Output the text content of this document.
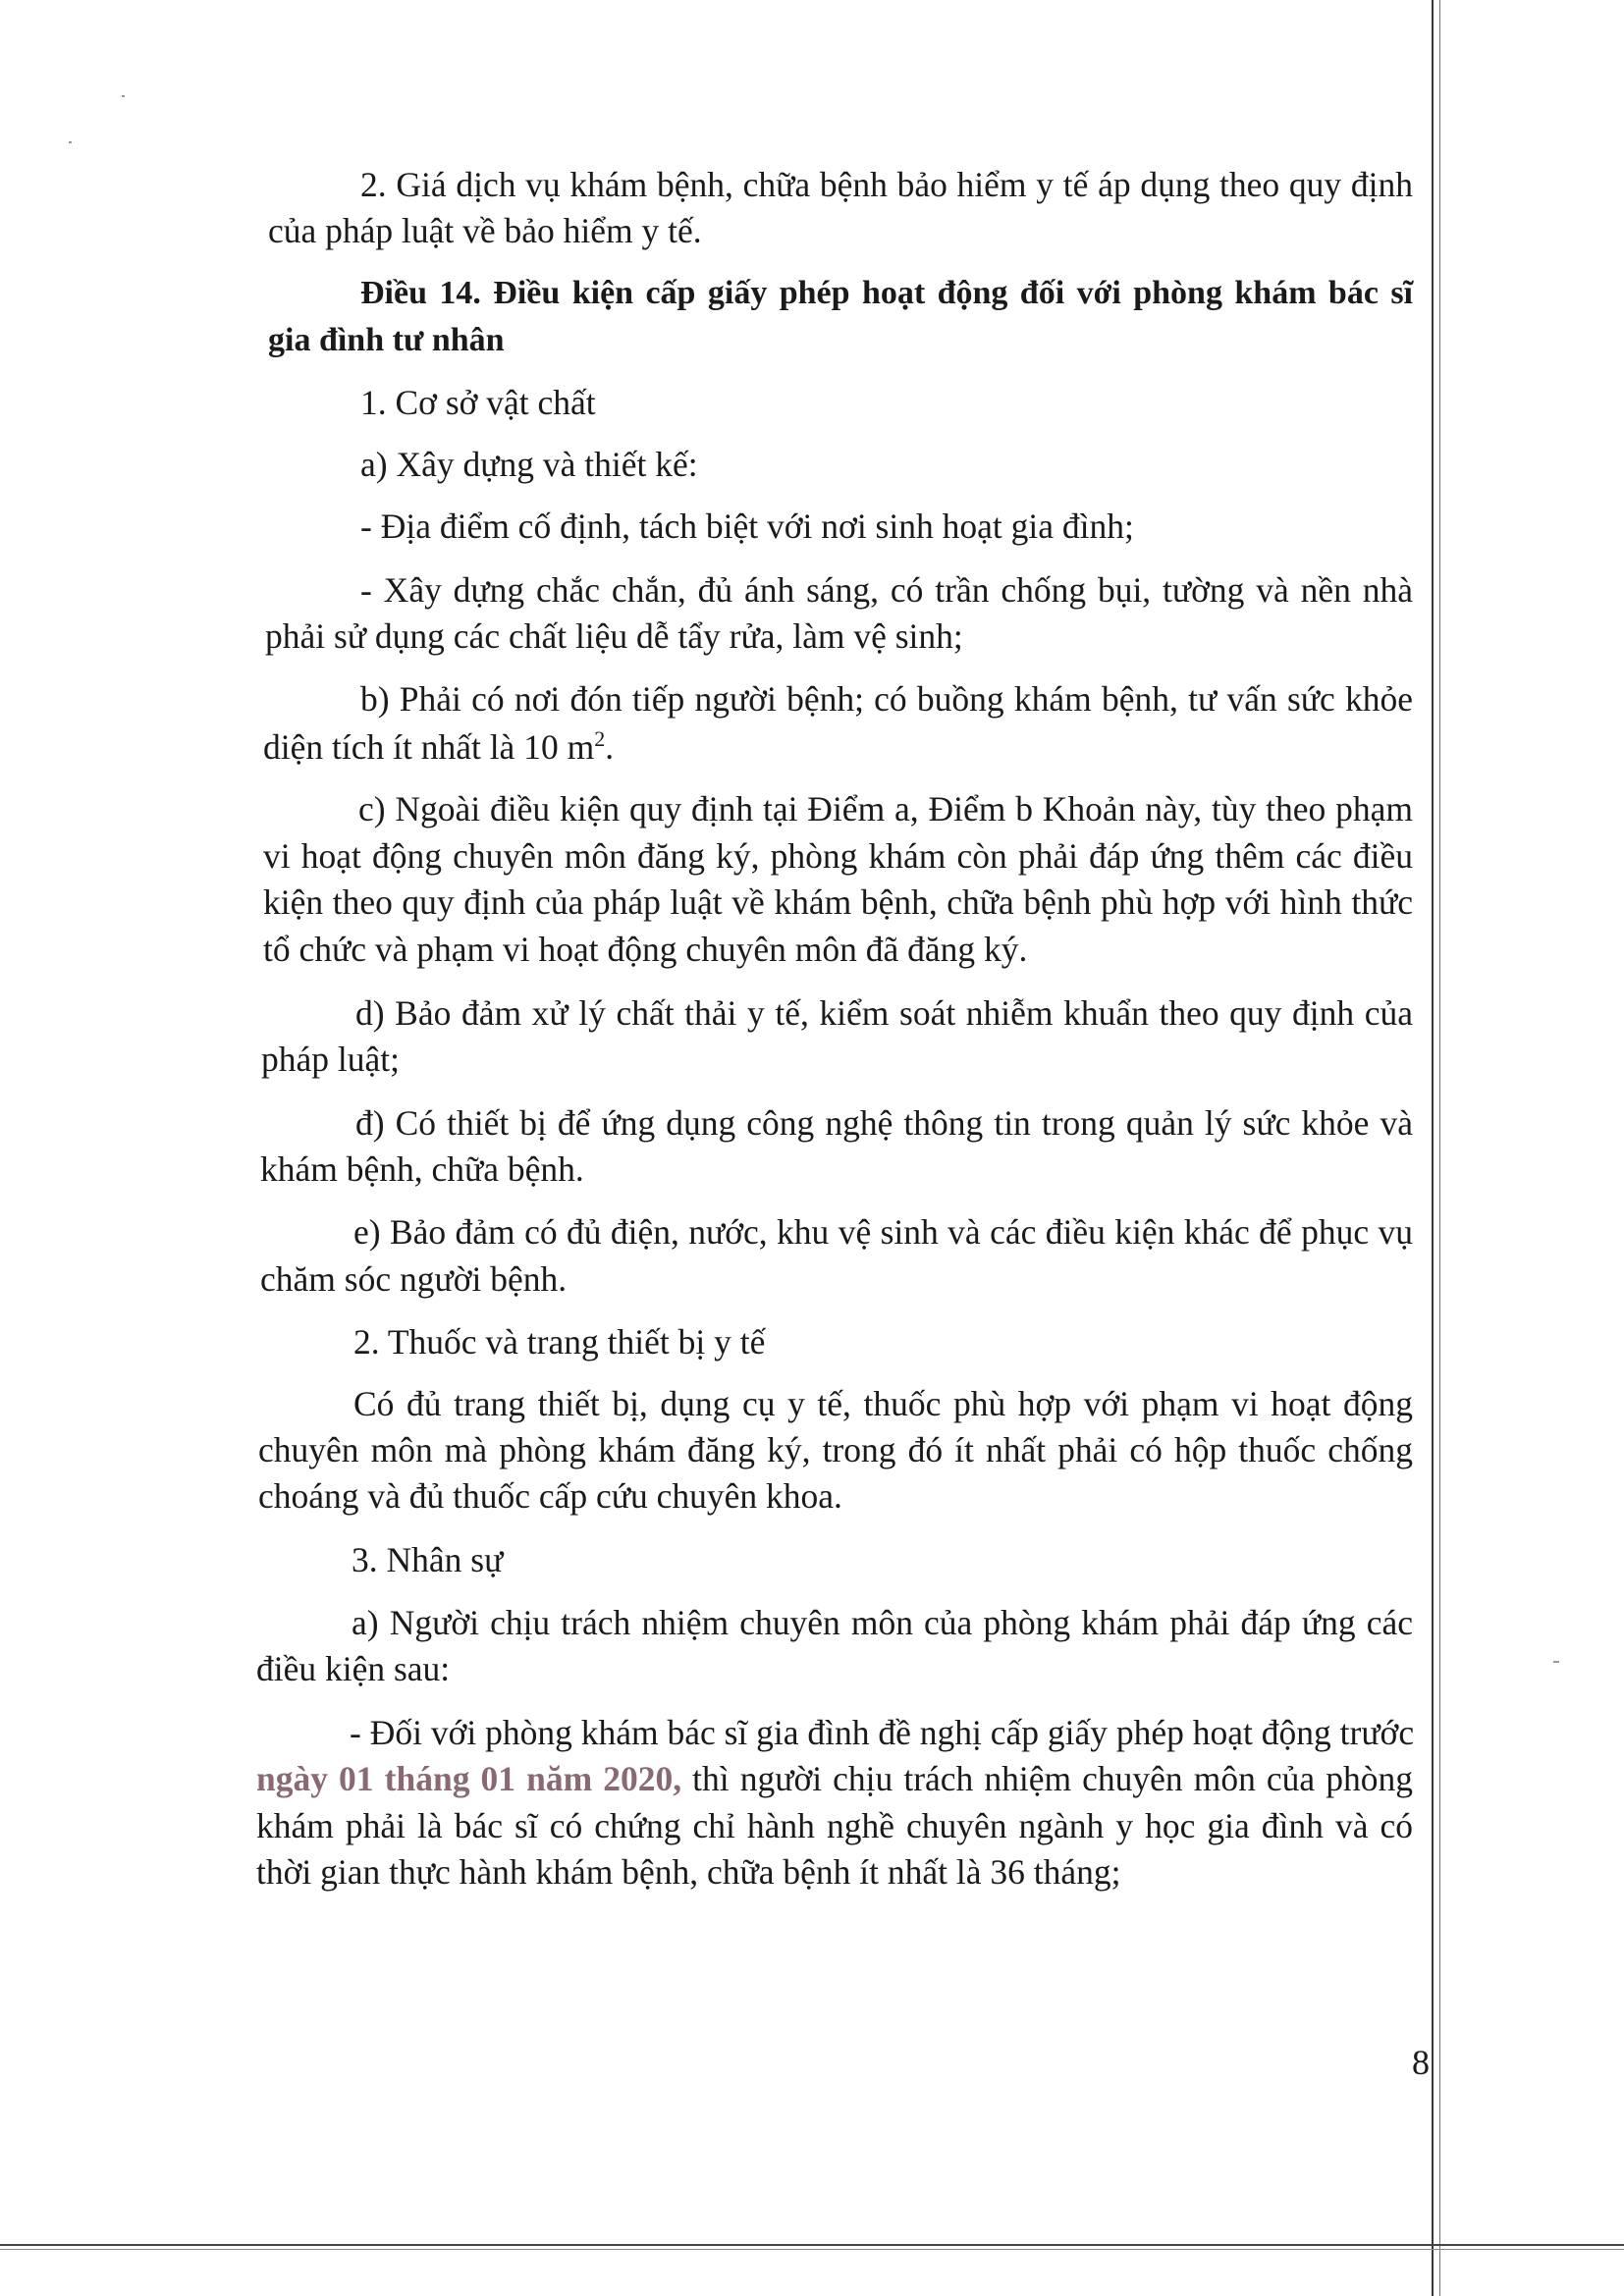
2. Giá dịch vụ khám bệnh, chữa bệnh bảo hiểm y tế áp dụng theo quy định

của pháp luật về bảo hiểm y tế.

Điều 14. Điều kiện cấp giấy phép hoạt động đối với phòng khám bác sĩ

gia đình tư nhân

1. Cơ sở vật chất

a) Xây dựng và thiết kế:

- Địa điểm cố định, tách biệt với nơi sinh hoạt gia đình;

- Xây dựng chắc chắn, đủ ánh sáng, có trần chống bụi, tường và nền nhà

phải sử dụng các chất liệu dễ tẩy rửa, làm vệ sinh;

b) Phải có nơi đón tiếp người bệnh; có buồng khám bệnh, tư vấn sức khỏe

diện tích ít nhất là 10 $m^2$.

c) Ngoài điều kiện quy định tại Điểm a, Điểm b Khoản này, tùy theo phạm

vi hoạt động chuyên môn đăng ký, phòng khám còn phải đáp ứng thêm các điều

kiện theo quy định của pháp luật về khám bệnh, chữa bệnh phù hợp với hình thức

tổ chức và phạm vi hoạt động chuyên môn đã đăng ký.

d) Bảo đảm xử lý chất thải y tế, kiểm soát nhiễm khuẩn theo quy định của

pháp luật;

đ) Có thiết bị để ứng dụng công nghệ thông tin trong quản lý sức khỏe và

khám bệnh, chữa bệnh.

e) Bảo đảm có đủ điện, nước, khu vệ sinh và các điều kiện khác để phục vụ

chăm sóc người bệnh.

2. Thuốc và trang thiết bị y tế

Có đủ trang thiết bị, dụng cụ y tế, thuốc phù hợp với phạm vi hoạt động

chuyên môn mà phòng khám đăng ký, trong đó ít nhất phải có hộp thuốc chống

choáng và đủ thuốc cấp cứu chuyên khoa.

3. Nhân sự

a) Người chịu trách nhiệm chuyên môn của phòng khám phải đáp ứng các

điều kiện sau:

- Đối với phòng khám bác sĩ gia đình đề nghị cấp giấy phép hoạt động trước

ngày 01 tháng 01 năm 2020, thì người chịu trách nhiệm chuyên môn của phòng

khám phải là bác sĩ có chứng chỉ hành nghề chuyên ngành y học gia đình và có

thời gian thực hành khám bệnh, chữa bệnh ít nhất là 36 tháng;

8
